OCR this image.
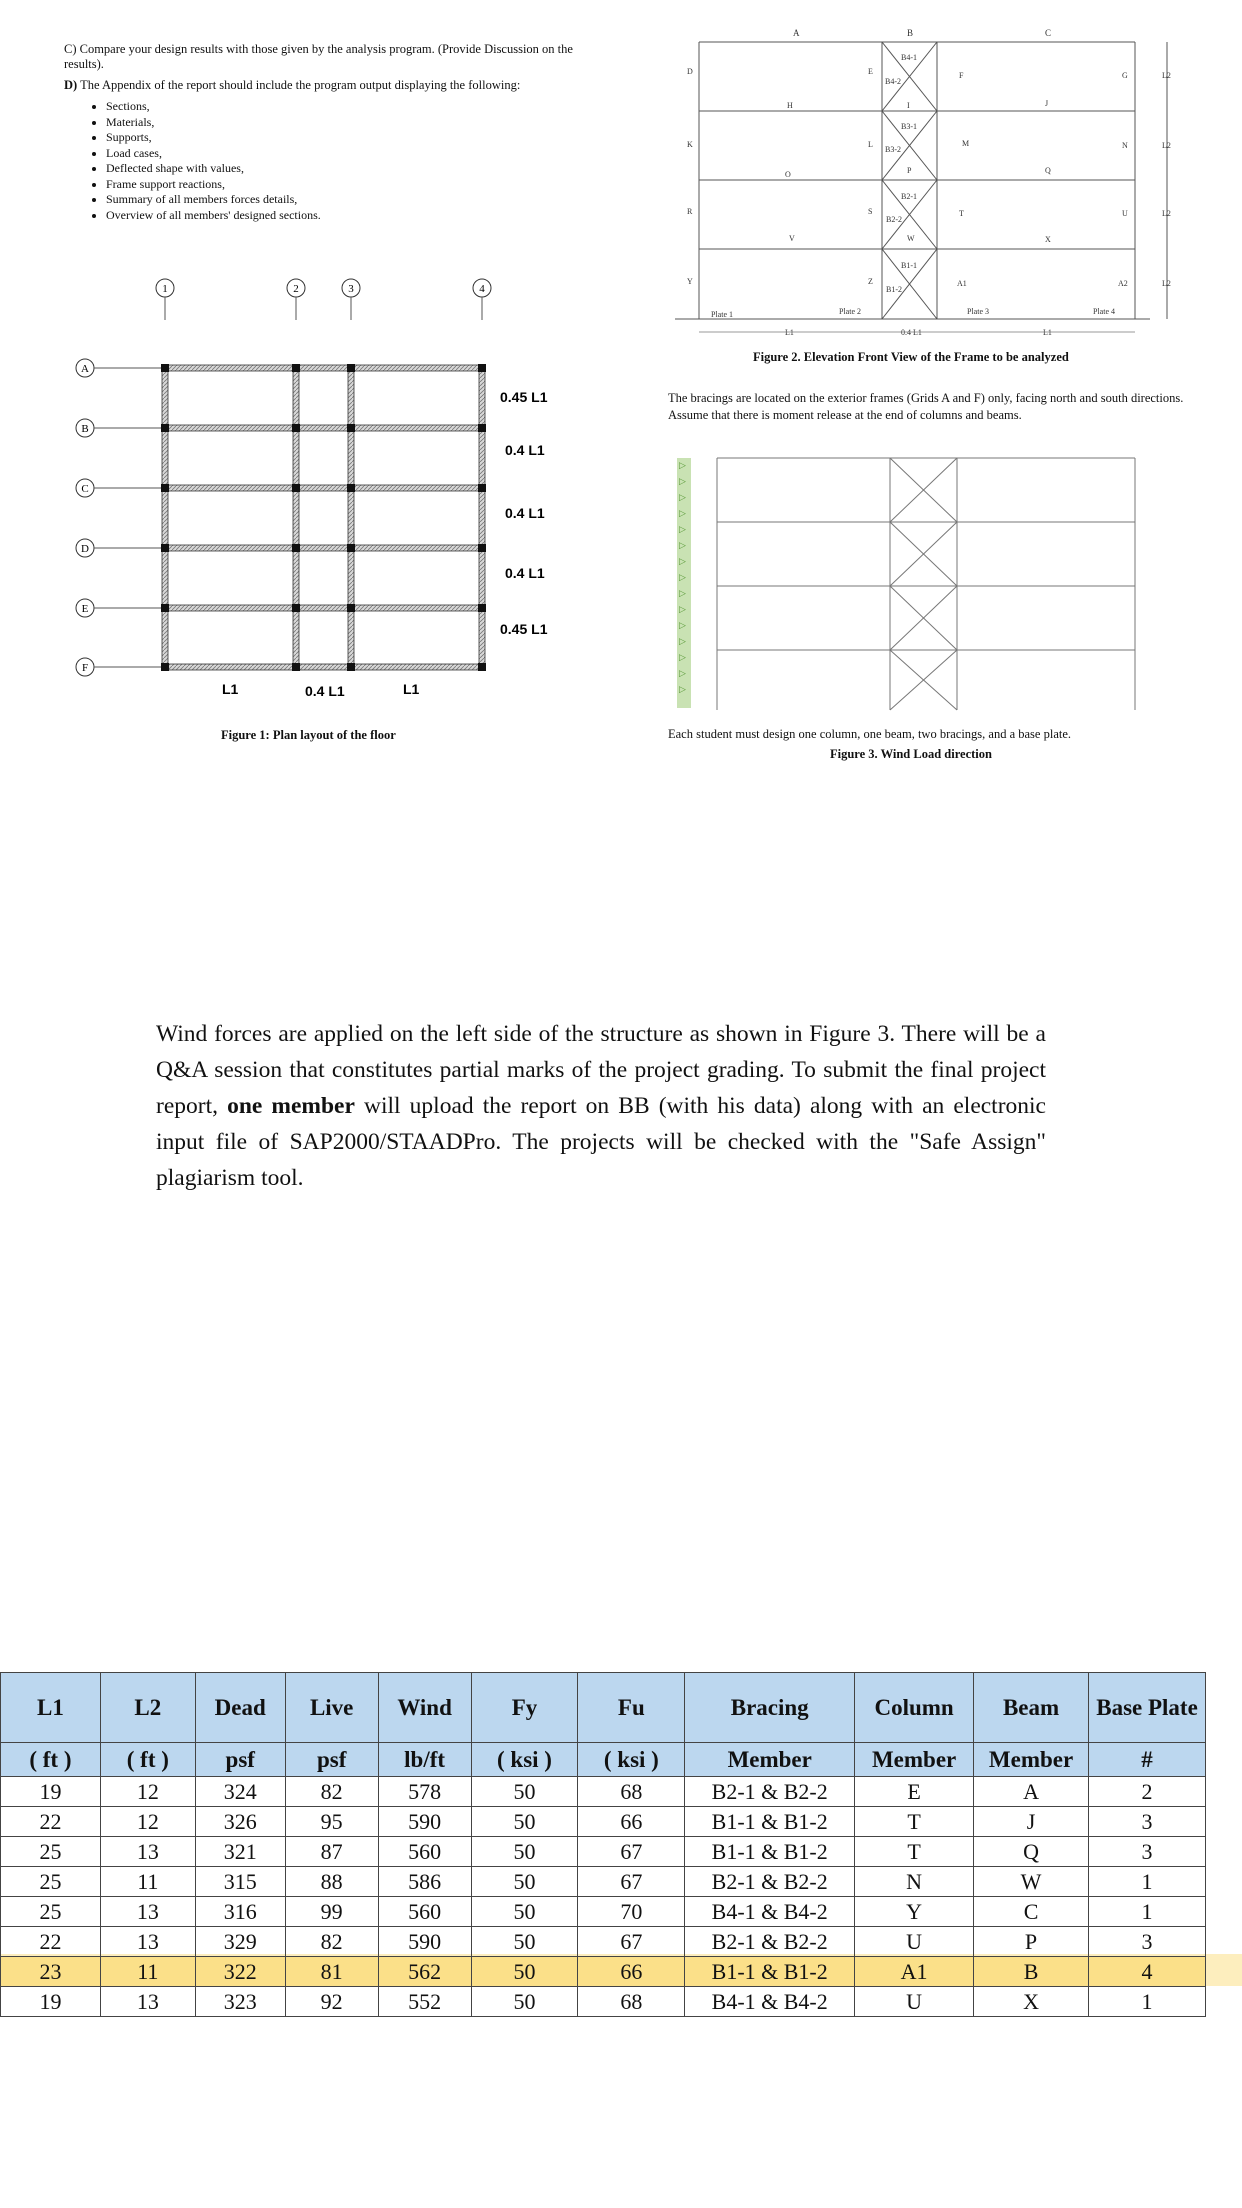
C) Compare your design results with those given by the analysis program. (Provide Discussion on the results).

D) The Appendix of the report should include the program output displaying the following:

• Sections,
• Materials,
• Supports,
• Load cases,
• Deflected shape with values,
• Frame support reactions,
• Summary of all members forces details,
• Overview of all members' designed sections.
1	2	3	4
A
B
C
D
E
F
0.45 L1
0.4 L1
0.4 L1
0.4 L1
0.45 L1
L1	0.4 L1	L1
Figure 1: Plan layout of the floor
A	B	C
D	E
B4-1
B4-2
F	G
H	I	J
K	L
B3-1
B3-2
M	N
O	P	Q
R	S
B2-1
B2-2
T	U
V	W	X
Y	Z
B1-1
B1-2
A1	A2
L2
L2
L2
L2
Plate 1	Plate 2	Plate 3	Plate 4
L1	0.4 L1	L1
Figure 2. Elevation Front View of the Frame to be analyzed
The bracings are located on the exterior frames (Grids A and F) only, facing north and south directions. Assume that there is moment release at the end of columns and beams.
▷
▷
▷
▷
▷
▷
▷
▷
▷
▷
▷
▷
▷
▷
▷
Each student must design one column, one beam, two bracings, and a base plate.
Figure 3. Wind Load direction
Wind forces are applied on the left side of the structure as shown in Figure 3. There will be a Q&A session that constitutes partial marks of the project grading. To submit the final project report, one member will upload the report on BB (with his data) along with an electronic input file of SAP2000/STAADPro. The projects will be checked with the "Safe Assign" plagiarism tool.
L1	L2	Dead	Live	Wind	Fy	Fu	Bracing	Column	Beam	Base Plate
( ft )	( ft )	psf	psf	lb/ft	( ksi )	( ksi )	Member	Member	Member	#
19	12	324	82	578	50	68	B2-1 & B2-2	E	A	2
22	12	326	95	590	50	66	B1-1 & B1-2	T	J	3
25	13	321	87	560	50	67	B1-1 & B1-2	T	Q	3
25	11	315	88	586	50	67	B2-1 & B2-2	N	W	1
25	13	316	99	560	50	70	B4-1 & B4-2	Y	C	1
22	13	329	82	590	50	67	B2-1 & B2-2	U	P	3
23	11	322	81	562	50	66	B1-1 & B1-2	A1	B	4
19	13	323	92	552	50	68	B4-1 & B4-2	U	X	1
